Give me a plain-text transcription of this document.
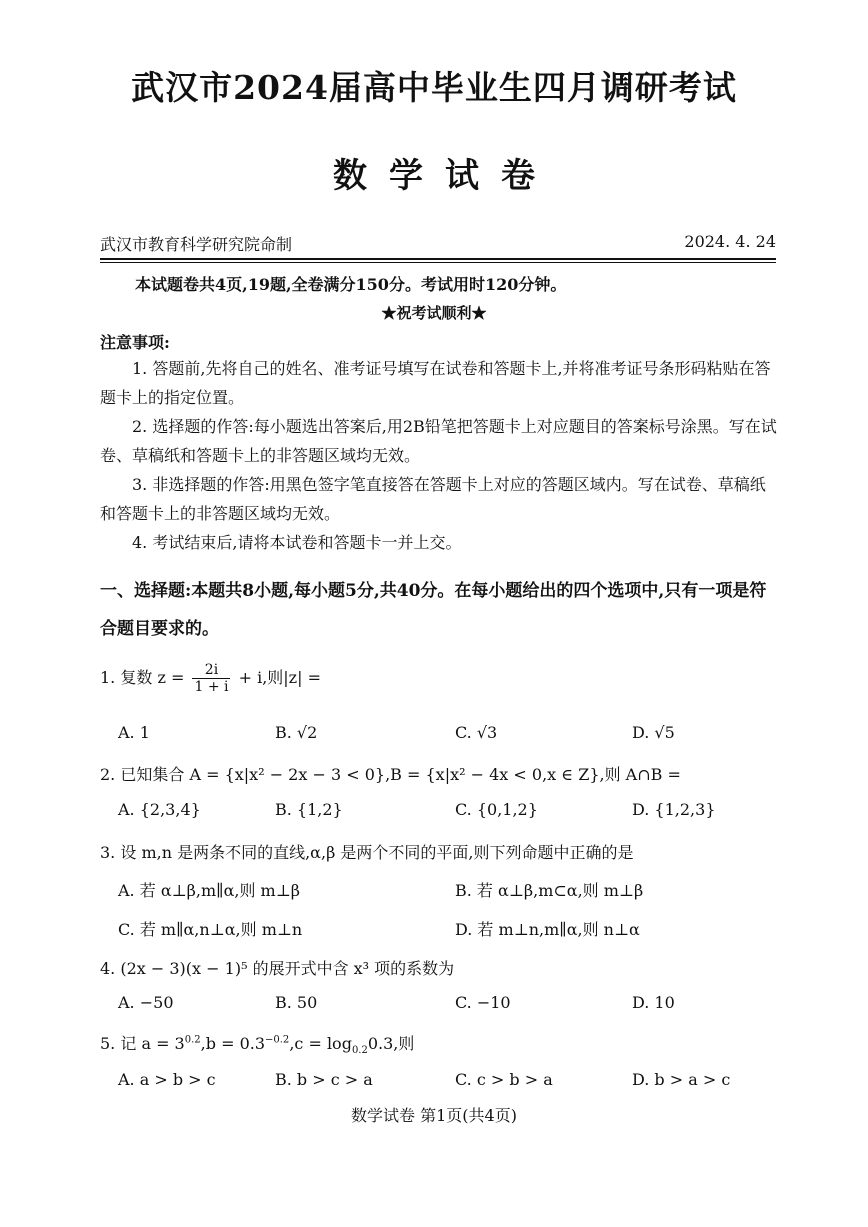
武汉市2024届高中毕业生四月调研考试
数学试卷
武汉市教育科学研究院命制	2024. 4. 24
本试题卷共4页,19题,全卷满分150分。考试用时120分钟。
★祝考试顺利★
注意事项:
1. 答题前,先将自己的姓名、准考证号填写在试卷和答题卡上,并将准考证号条形码粘贴在答题卡上的指定位置。
2. 选择题的作答:每小题选出答案后,用2B铅笔把答题卡上对应题目的答案标号涂黑。写在试卷、草稿纸和答题卡上的非答题区域均无效。
3. 非选择题的作答:用黑色签字笔直接答在答题卡上对应的答题区域内。写在试卷、草稿纸和答题卡上的非答题区域均无效。
4. 考试结束后,请将本试卷和答题卡一并上交。
一、选择题:本题共8小题,每小题5分,共40分。在每小题给出的四个选项中,只有一项是符合题目要求的。
1. 复数 $z = \frac{2i}{1 + i} + i$,则|z| =
A. 1	B. √2	C. √3	D. √5
2. 已知集合 A = {x|x² − 2x − 3 < 0},B = {x|x² − 4x < 0,x ∈ Z},则 A∩B =
A. {2,3,4}	B. {1,2}	C. {0,1,2}	D. {1,2,3}
3. 设 m,n 是两条不同的直线,α,β 是两个不同的平面,则下列命题中正确的是
A. 若 α⊥β,m∥α,则 m⊥β	B. 若 α⊥β,m⊂α,则 m⊥β
C. 若 m∥α,n⊥α,则 m⊥n	D. 若 m⊥n,m∥α,则 n⊥α
4. (2x − 3)(x − 1)⁵ 的展开式中含 x³ 项的系数为
A. −50	B. 50	C. −10	D. 10
5. 记 $a = 3^{0.2},b = 0.3^{-0.2},c = \log_{0.2}0.3$,则
A. a > b > c	B. b > c > a	C. c > b > a	D. b > a > c
数学试卷 第1页(共4页)
